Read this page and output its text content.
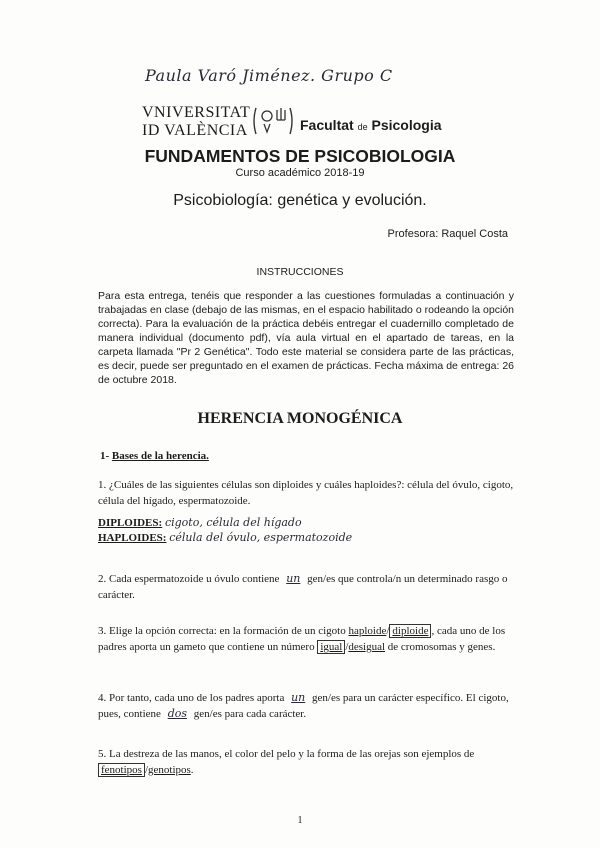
Paula Varó Jiménez. Grupo C
VNIVERSITAT
ID VALÈNCIA	Facultat de Psicologia
FUNDAMENTOS DE PSICOBIOLOGIA
Curso académico 2018-19
Psicobiología: genética y evolución.
Profesora: Raquel Costa
INSTRUCCIONES
Para esta entrega, tenéis que responder a las cuestiones formuladas a continuación y trabajadas en clase (debajo de las mismas, en el espacio habilitado o rodeando la opción correcta). Para la evaluación de la práctica debéis entregar el cuadernillo completado de manera individual (documento pdf), vía aula virtual en el apartado de tareas, en la carpeta llamada "Pr 2 Genética". Todo este material se considera parte de las prácticas, es decir, puede ser preguntado en el examen de prácticas. Fecha máxima de entrega: 26 de octubre 2018.
HERENCIA MONOGÉNICA
1- Bases de la herencia.
1. ¿Cuáles de las siguientes células son diploides y cuáles haploides?: célula del óvulo, cigoto, célula del hígado, espermatozoide.
DIPLOIDES: cigoto, célula del hígado
HAPLOIDES: célula del óvulo, espermatozoide
2. Cada espermatozoide u óvulo contiene un gen/es que controla/n un determinado rasgo o carácter.
3. Elige la opción correcta: en la formación de un cigoto haploide/ diploide , cada uno de los padres aporta un gameto que contiene un número igual /desigual de cromosomas y genes.
4. Por tanto, cada uno de los padres aporta un gen/es para un carácter específico. El cigoto, pues, contiene dos gen/es para cada carácter.
5. La destreza de las manos, el color del pelo y la forma de las orejas son ejemplos de fenotipos /genotipos.
1
